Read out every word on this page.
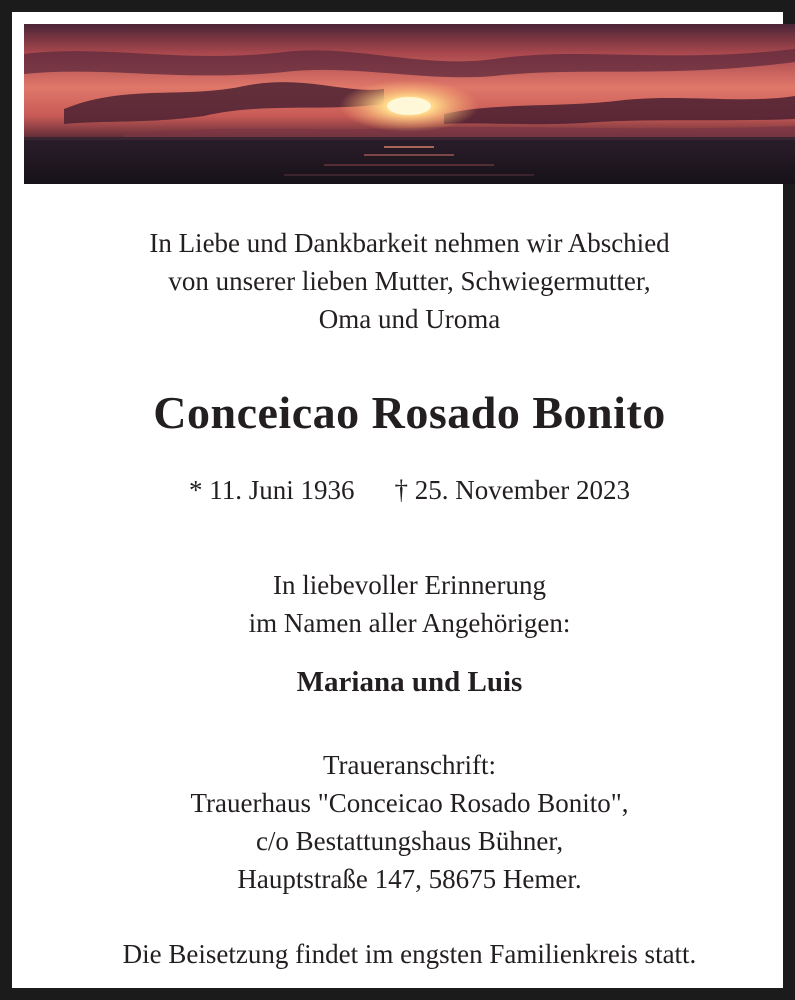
In Liebe und Dankbarkeit nehmen wir Abschied
von unserer lieben Mutter, Schwiegermutter,
Oma und Uroma

Conceicao Rosado Bonito

* 11. Juni 1936 † 25. November 2023

In liebevoller Erinnerung
im Namen aller Angehörigen:

Mariana und Luis

Traueranschrift:
Trauerhaus "Conceicao Rosado Bonito",
c/o Bestattungshaus Bühner,
Hauptstraße 147, 58675 Hemer.

Die Beisetzung findet im engsten Familienkreis statt.
